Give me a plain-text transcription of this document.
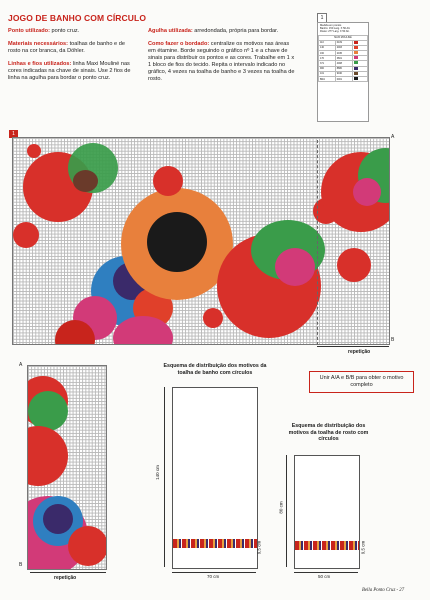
JOGO DE BANHO COM CÍRCULO

Ponto utilizado: ponto cruz.

Materiais necessários: toalhas de banho e de rosto na cor branca, da Döhler.

Linhas e fios utilizados: linha Maxi Mouliné nas cores indicadas na chave de sinais. Use 2 fios de linha na agulha para bordar o ponto cruz.

Agulha utilizada: arredondada, própria para bordar.

Como fazer o bordado: centralize os motivos nas áreas em étamine. Borde seguindo o gráfico nº 1 e a chave de sinais para distribuir os pontos e as cores. Trabalhe em 1 x 1 bloco de fios do tecido. Repita o intervalo indicado no gráfico, 4 vezes na toalha de banho e 3 vezes na toalha de rosto.

1
Medida em pontos
Banho: 150 Larg. X 50 Alt.
Rosto: 2?? Larg. X 50 Alt.
MAXI MOULINÉ		
110	0109	
140	2003	
160	2045	
170	3801	
371	4008	
900	8880	
101	9040	
BRA	0001	
1	A
B
repetição
A
B
repetição
Esquema de distribuição dos motivos da toalha de banho com círculos
140 cm
70 cm
9,5 cm
Esquema de distribuição dos motivos da toalha de rosto com círculos
80 cm
50 cm
9,5 cm
Unir A/A e B/B para obter o motivo completo
Bella Ponto Cruz - 27
